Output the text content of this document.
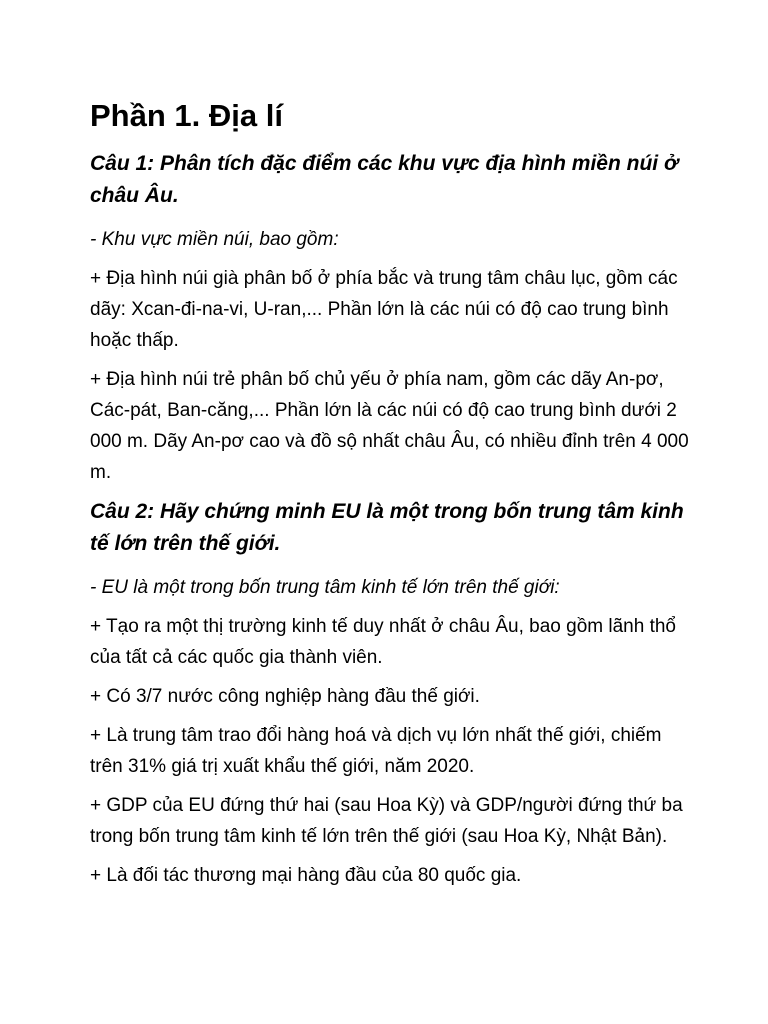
Phần 1. Địa lí

Câu 1: Phân tích đặc điểm các khu vực địa hình miền núi ở châu Âu.

- Khu vực miền núi, bao gồm:

+ Địa hình núi già phân bố ở phía bắc và trung tâm châu lục, gồm các dãy: Xcan-đi-na-vi, U-ran,... Phần lớn là các núi có độ cao trung bình hoặc thấp.

+ Địa hình núi trẻ phân bố chủ yếu ở phía nam, gồm các dãy An-pơ, Các-pát, Ban-căng,... Phần lớn là các núi có độ cao trung bình dưới 2 000 m. Dãy An-pơ cao và đồ sộ nhất châu Âu, có nhiều đỉnh trên 4 000 m.

Câu 2: Hãy chứng minh EU là một trong bốn trung tâm kinh tế lớn trên thế giới.

- EU là một trong bốn trung tâm kinh tế lớn trên thế giới:

+ Tạo ra một thị trường kinh tế duy nhất ở châu Âu, bao gồm lãnh thổ của tất cả các quốc gia thành viên.

+ Có 3/7 nước công nghiệp hàng đầu thế giới.

+ Là trung tâm trao đổi hàng hoá và dịch vụ lớn nhất thế giới, chiếm trên 31% giá trị xuất khẩu thế giới, năm 2020.

+ GDP của EU đứng thứ hai (sau Hoa Kỳ) và GDP/người đứng thứ ba trong bốn trung tâm kinh tế lớn trên thế giới (sau Hoa Kỳ, Nhật Bản).

+ Là đối tác thương mại hàng đầu của 80 quốc gia.
